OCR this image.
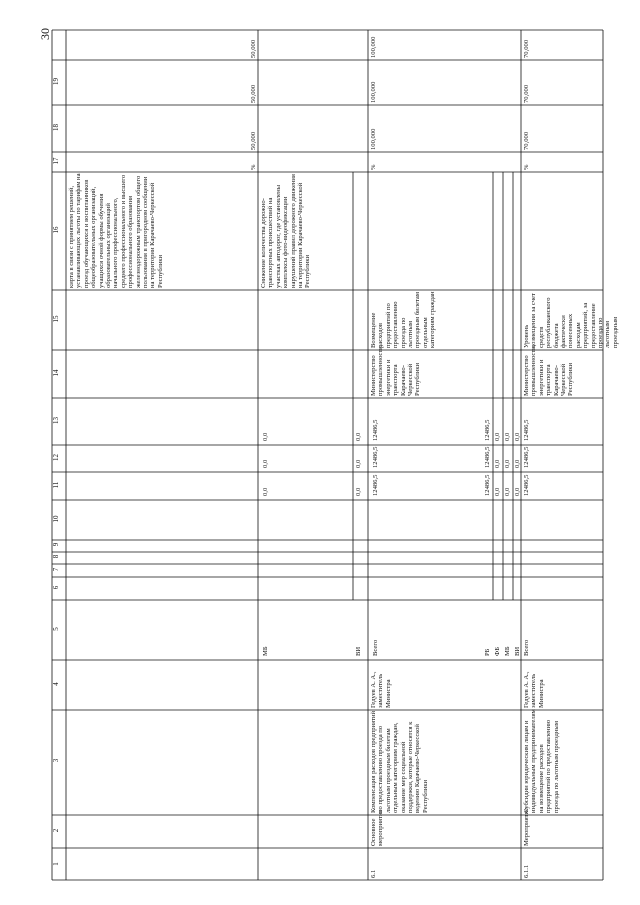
30
1
2
3
4
5
6
7
8
9
10
11
12
13
14
15
16
17
18
19
кирта в связи с принятием решений, устанавливающих льготы по тарифам на проезд обучающихся и воспитанников общеобразовательных организаций, учащихся очной формы обучения образовательных организаций начального профессионального, среднего профессионального и высшего профессионального образования железнодорожным транспортом общего пользования в пригородном сообщении на территории Карачаево-Черкесской Республики
%
50,000
50,000
50,000
МБ
0,0
0,0
0,0
Снижение количества дорожно-транспортных происшествий на участках автодорог, где установлены комплексы фото-видеофиксации нарушений правил дорожного движения на территории Карачаево-Черкесской Республики
ВИ
0,0
0,0
0,0
6.1
Основное мероприятие
Компенсация расходов предприятий по предоставлению проезда по льготным проездным билетам отдельным категориям граждан, оказание мер социальной поддержки, которые относятся к ведению Карачаево-Черкесской Республики
Гедуев А. А., заместитель Министра
Всего
12486,5
12486,5
12486,5
РБ
12486,5
12486,5
12486,5
ФБ
0,0
0,0
0,0
МБ
0,0
0,0
0,0
ВИ
0,0
0,0
0,0
Министерство промышленности, энергетики и транспорта Карачаево-Черкесской Республики
Возмещение расходов предприятий по предоставлению проезда по льготным проездным билетам отдельным категориям граждан
%
100,000
100,000
100,000
6.1.1
Мероприятие
Субсидии юридическим лицам и индивидуальным предпринимателям на возмещение расходов предприятий по предоставлению проезда по льготным проездным
Гедуев А. А., заместитель Министра
Всего
12486,5
12486,5
12486,5
Министерство промышленности, энергетики и транспорта Карачаево-Черкесской Республики
Уровень возмещения за счет средств республиканского бюджета фактически понесенных расходам предприятий, за предоставление проезда по льготным проездным
%
70,000
70,000
70,000
